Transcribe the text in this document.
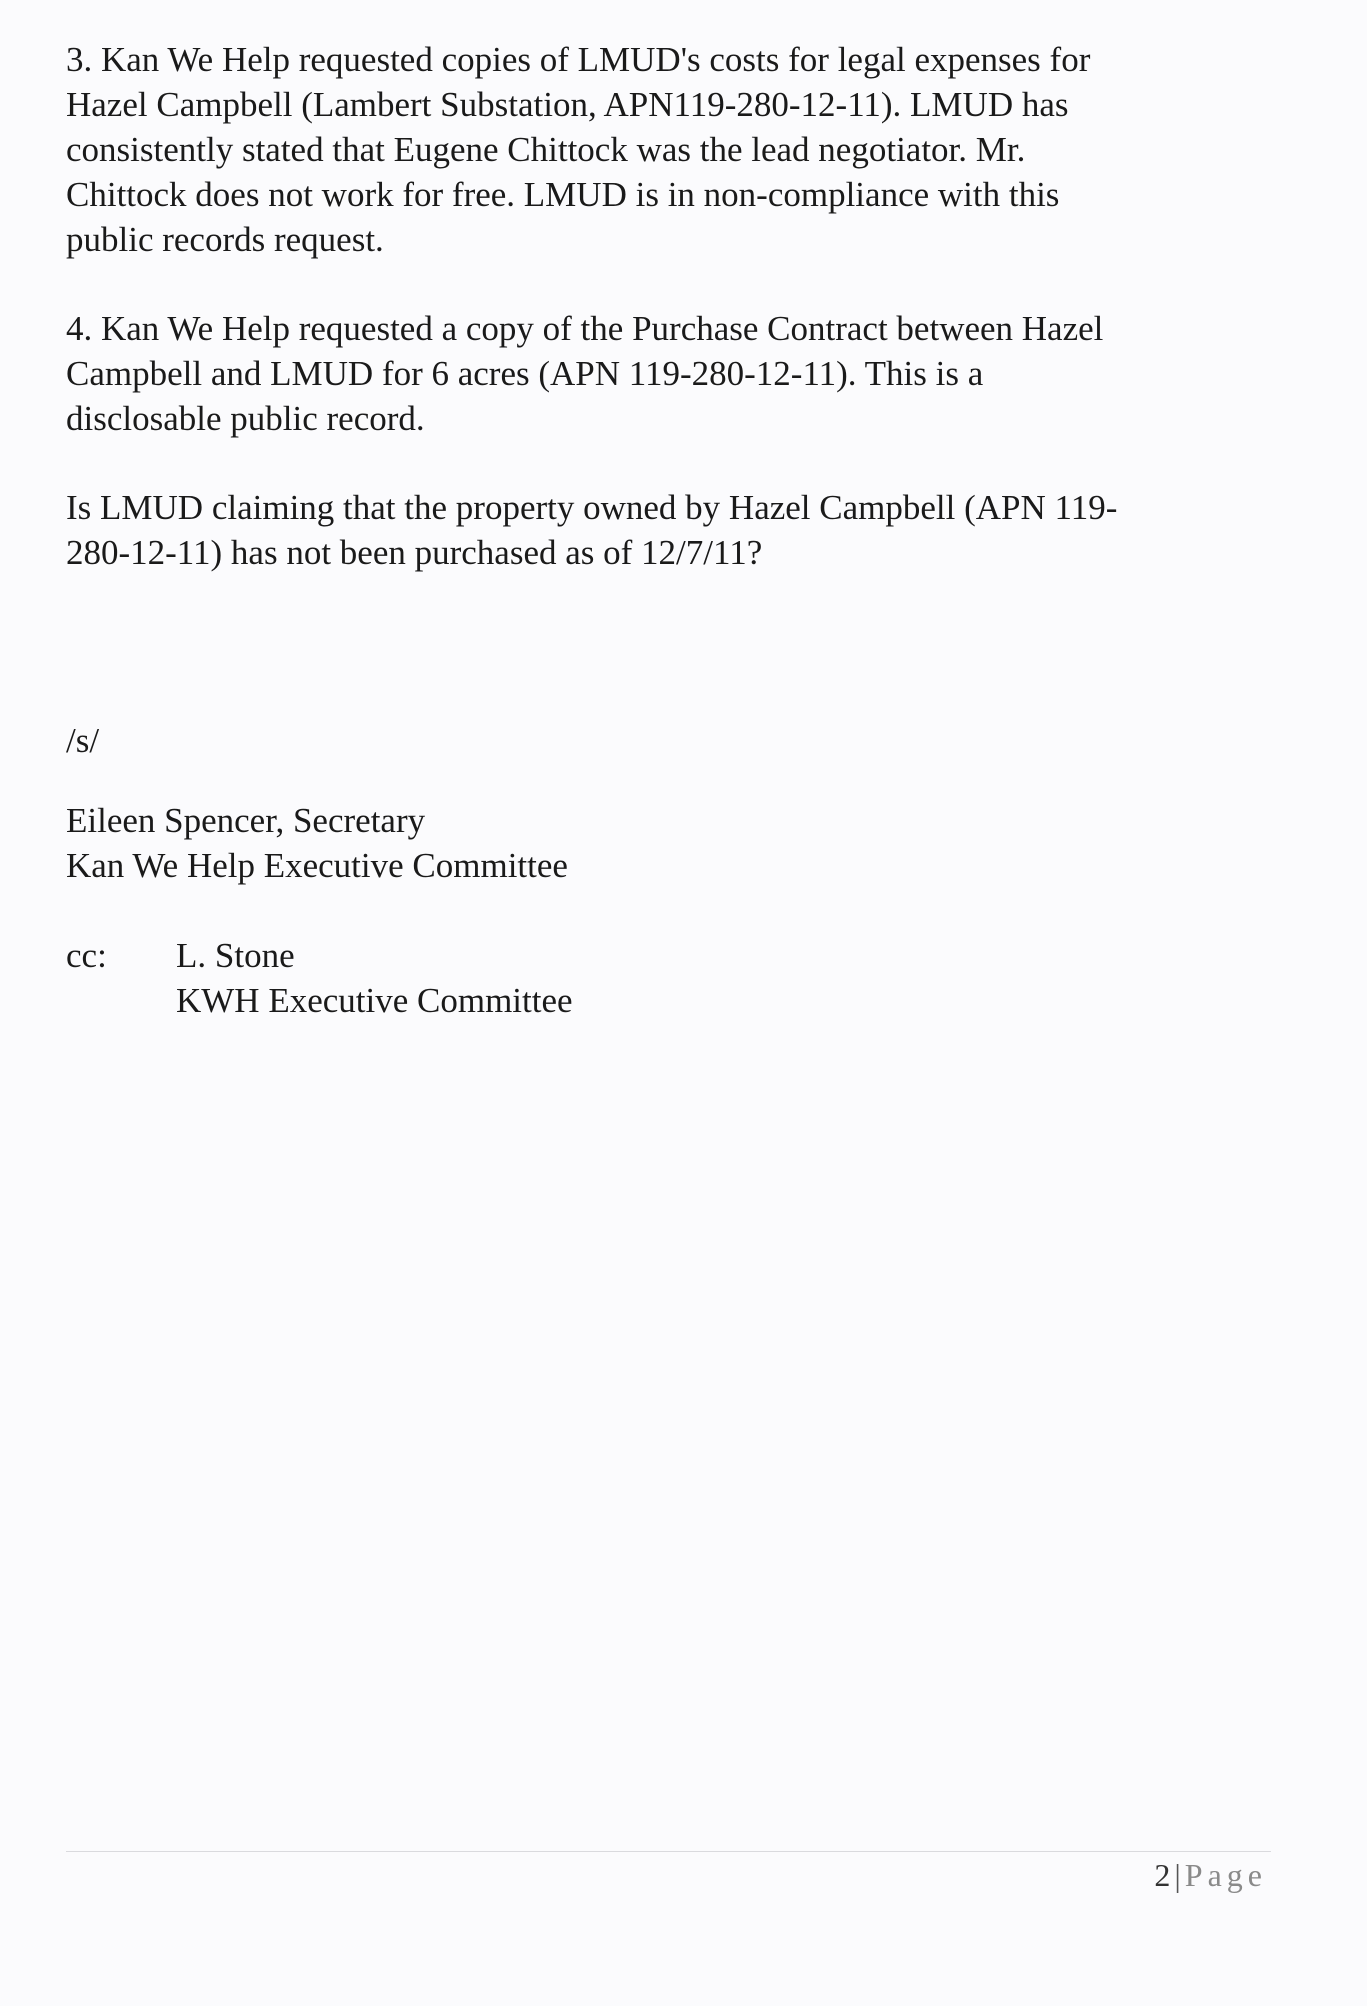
3. Kan We Help requested copies of LMUD's costs for legal expenses for
Hazel Campbell (Lambert Substation, APN119-280-12-11). LMUD has
consistently stated that Eugene Chittock was the lead negotiator. Mr.
Chittock does not work for free. LMUD is in non-compliance with this
public records request.
4. Kan We Help requested a copy of the Purchase Contract between Hazel
Campbell and LMUD for 6 acres (APN 119-280-12-11). This is a
disclosable public record.
Is LMUD claiming that the property owned by Hazel Campbell (APN 119-
280-12-11) has not been purchased as of 12/7/11?

/s/

Eileen Spencer, Secretary

Kan We Help Executive Committee

cc: L. Stone
KWH Executive Committee
2 | Page
